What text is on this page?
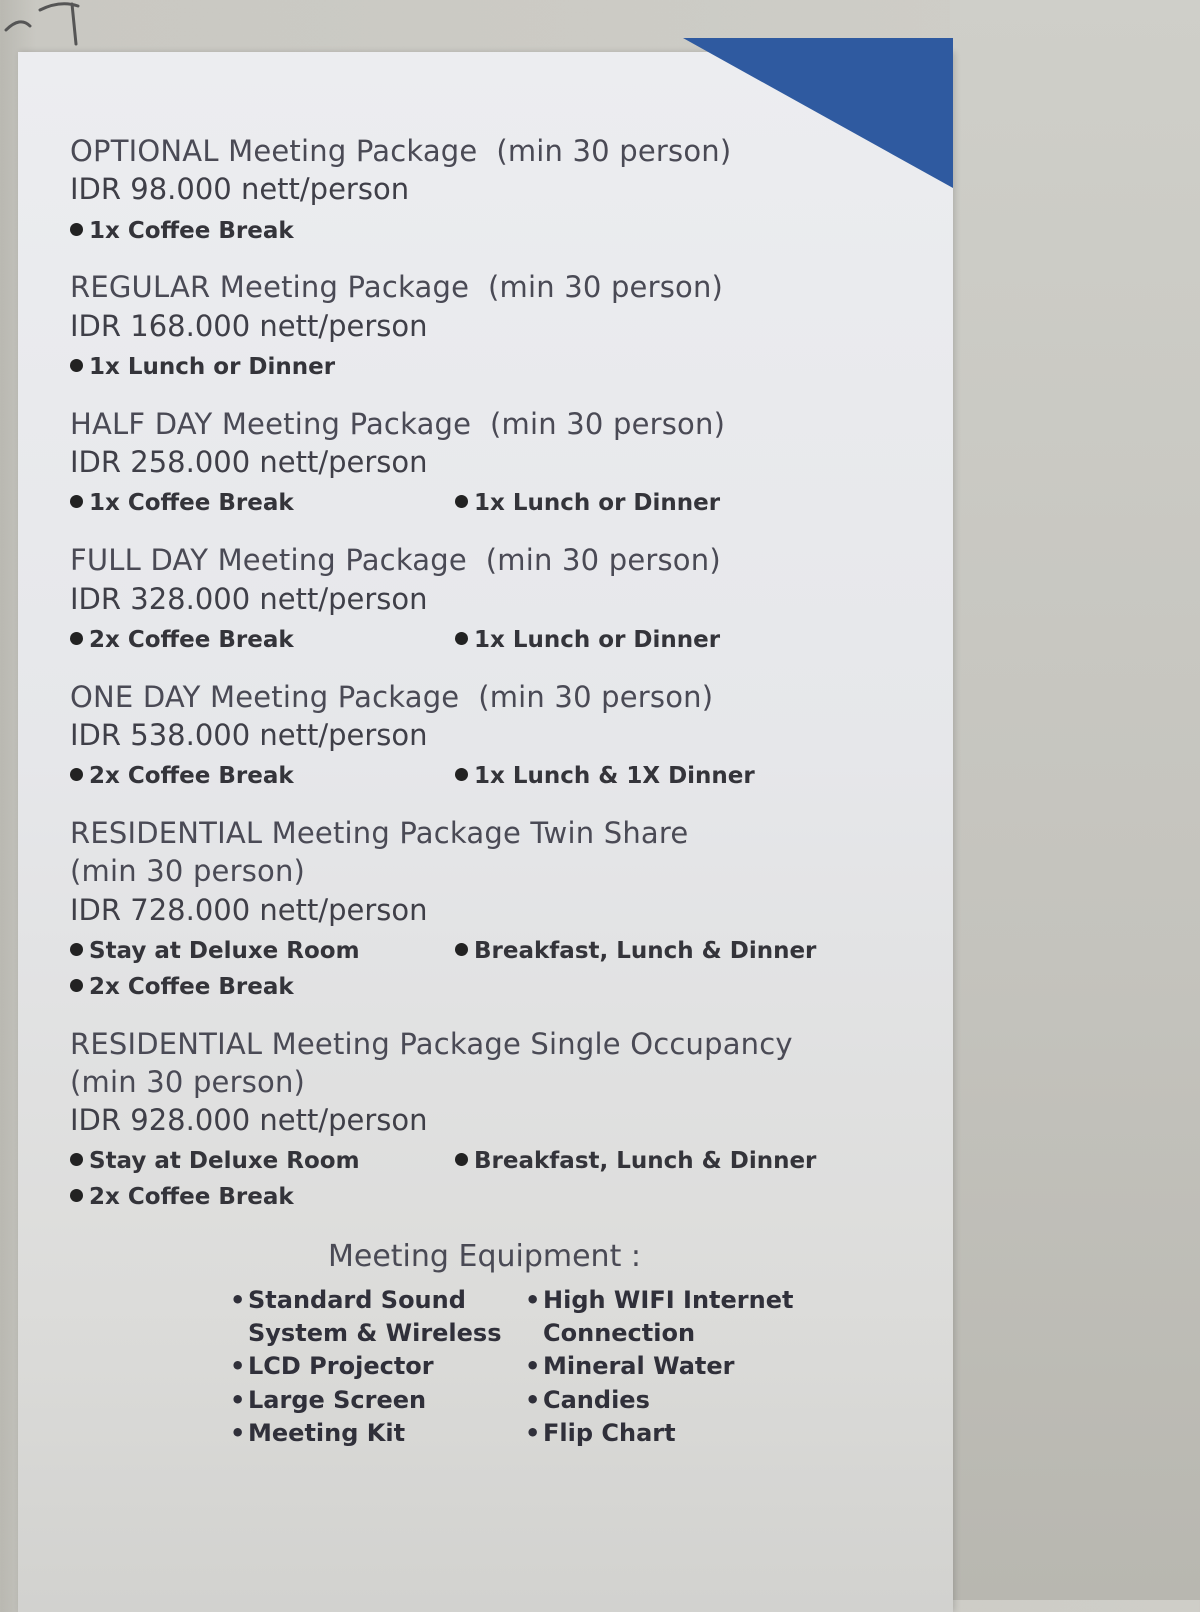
OPTIONAL Meeting Package (min 30 person)
IDR 98.000 nett/person
1x Coffee Break
REGULAR Meeting Package (min 30 person)
IDR 168.000 nett/person
1x Lunch or Dinner
HALF DAY Meeting Package (min 30 person)
IDR 258.000 nett/person
1x Coffee Break	1x Lunch or Dinner
FULL DAY Meeting Package (min 30 person)
IDR 328.000 nett/person
2x Coffee Break	1x Lunch or Dinner
ONE DAY Meeting Package (min 30 person)
IDR 538.000 nett/person
2x Coffee Break	1x Lunch & 1X Dinner
RESIDENTIAL Meeting Package Twin Share
(min 30 person)
IDR 728.000 nett/person
Stay at Deluxe Room	Breakfast, Lunch & Dinner
2x Coffee Break
RESIDENTIAL Meeting Package Single Occupancy
(min 30 person)
IDR 928.000 nett/person
Stay at Deluxe Room	Breakfast, Lunch & Dinner
2x Coffee Break
Meeting Equipment :
• Standard Sound System & Wireless
• High WIFI Internet Connection
• LCD Projector	• Mineral Water
• Large Screen	• Candies
• Meeting Kit	• Flip Chart
